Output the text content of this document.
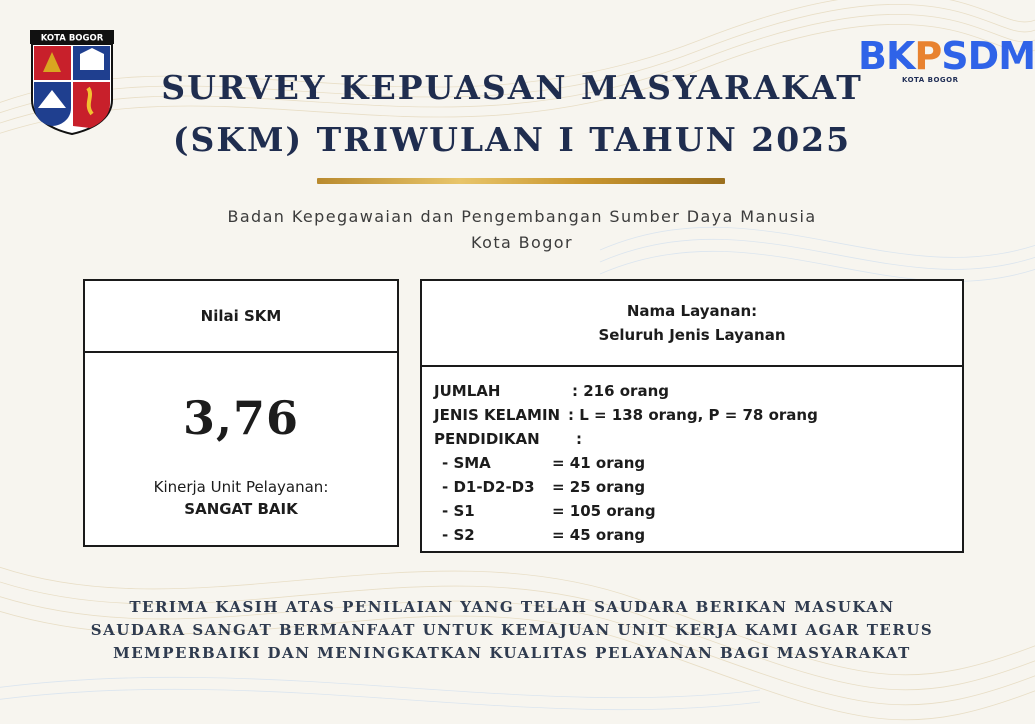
KOTA BOGOR	BKPSDM
KOTA BOGOR
SURVEY KEPUASAN MASYARAKAT
(SKM) TRIWULAN I TAHUN 2025
Badan Kepegawaian dan Pengembangan Sumber Daya Manusia
Kota Bogor
Nilai SKM
3,76
Kinerja Unit Pelayanan:
SANGAT BAIK
Nama Layanan:
Seluruh Jenis Layanan
JUMLAH	: 216 orang
JENIS KELAMIN : L = 138 orang, P = 78 orang
PENDIDIKAN :
- SMA	= 41 orang
- D1-D2-D3 = 25 orang
- S1	= 105 orang
- S2	= 45 orang
TERIMA KASIH ATAS PENILAIAN YANG TELAH SAUDARA BERIKAN MASUKAN
SAUDARA SANGAT BERMANFAAT UNTUK KEMAJUAN UNIT KERJA KAMI AGAR TERUS
MEMPERBAIKI DAN MENINGKATKAN KUALITAS PELAYANAN BAGI MASYARAKAT
